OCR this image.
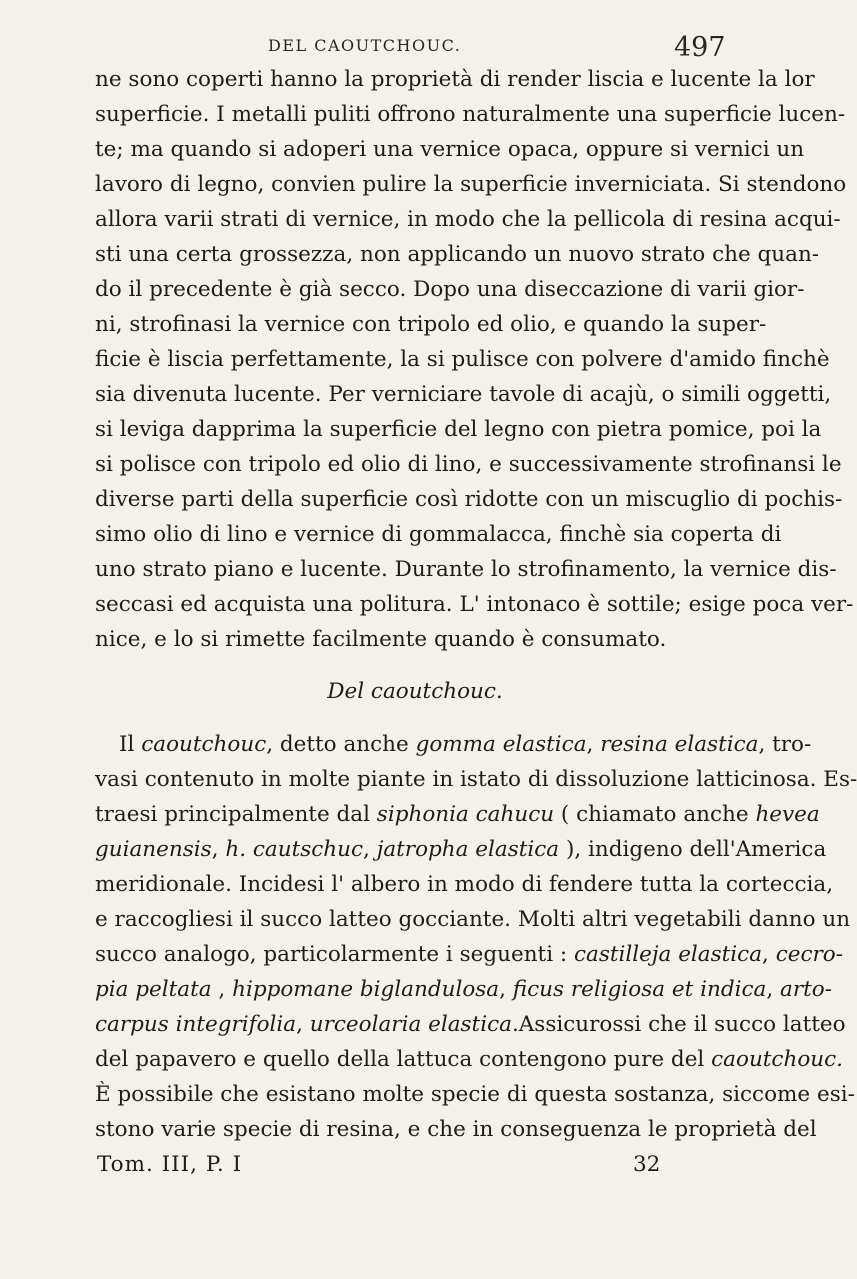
DEL CAOUTCHOUC.	497
ne sono coperti hanno la proprietà di render liscia e lucente la lor
superficie. I metalli puliti offrono naturalmente una superficie lucen-
te; ma quando si adoperi una vernice opaca, oppure si vernici un
lavoro di legno, convien pulire la superficie inverniciata. Si stendono
allora varii strati di vernice, in modo che la pellicola di resina acqui-
sti una certa grossezza, non applicando un nuovo strato che quan-
do il precedente è già secco. Dopo una diseccazione di varii gior-
ni, strofinasi la vernice con tripolo ed olio, e quando la super-
ficie è liscia perfettamente, la si pulisce con polvere d'amido finchè
sia divenuta lucente. Per verniciare tavole di acajù, o simili oggetti,
si leviga dapprima la superficie del legno con pietra pomice, poi la
si polisce con tripolo ed olio di lino, e successivamente strofinansi le
diverse parti della superficie così ridotte con un miscuglio di pochis-
simo olio di lino e vernice di gommalacca, finchè sia coperta di
uno strato piano e lucente. Durante lo strofinamento, la vernice dis-
seccasi ed acquista una politura. L' intonaco è sottile; esige poca ver-
nice, e lo si rimette facilmente quando è consumato.
Del caoutchouc.
Il caoutchouc, detto anche gomma elastica, resina elastica, tro-
vasi contenuto in molte piante in istato di dissoluzione latticinosa. Es-
traesi principalmente dal siphonia cahucu ( chiamato anche hevea
guianensis, h. cautschuc, jatropha elastica ), indigeno dell'America
meridionale. Incidesi l' albero in modo di fendere tutta la corteccia,
e raccogliesi il succo latteo gocciante. Molti altri vegetabili danno un
succo analogo, particolarmente i seguenti : castilleja elastica, cecro-
pia peltata , hippomane biglandulosa, ficus religiosa et indica, arto-
carpus integrifolia, urceolaria elastica.Assicurossi che il succo latteo
del papavero e quello della lattuca contengono pure del caoutchouc.
È possibile che esistano molte specie di questa sostanza, siccome esi-
stono varie specie di resina, e che in conseguenza le proprietà del
Tom. III, P. I	32
